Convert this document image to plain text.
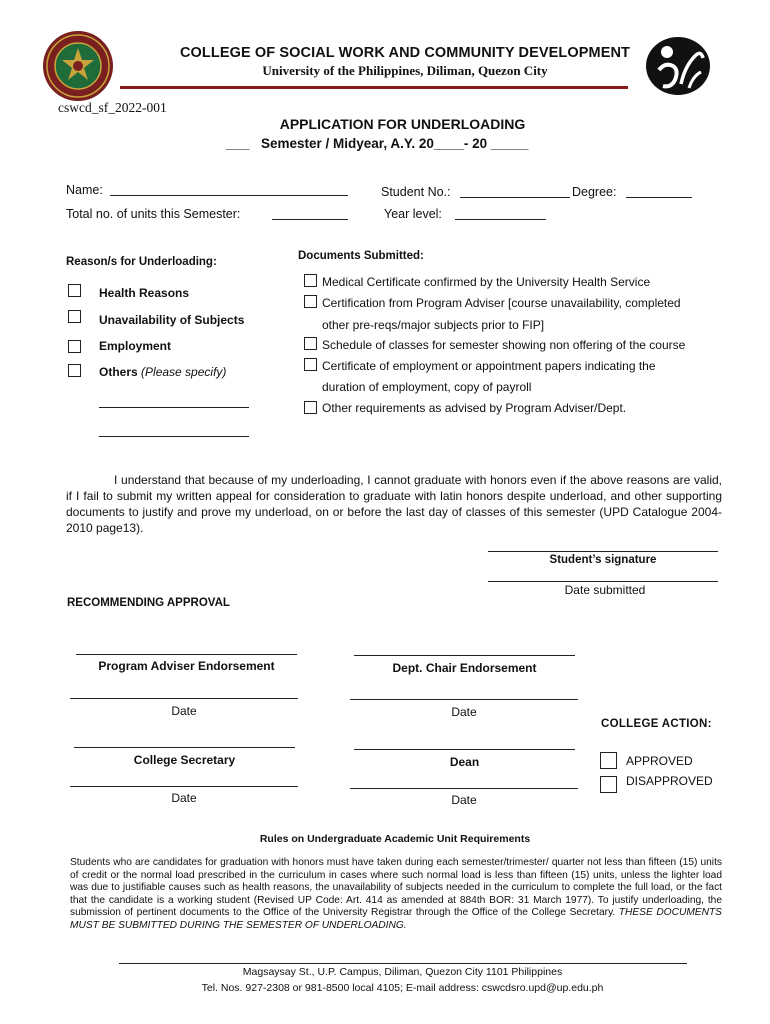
COLLEGE OF SOCIAL WORK AND COMMUNITY DEVELOPMENT
University of the Philippines, Diliman, Quezon City
cswcd_sf_2022-001
APPLICATION FOR UNDERLOADING
___ Semester / Midyear, A.Y. 20____- 20 _____
Name:	Student No.:	Degree:
Total no. of units this Semester:	Year level:
Reason/s for Underloading:
Health Reasons
Unavailability of Subjects
Employment
Others (Please specify)
Documents Submitted:
Medical Certificate confirmed by the University Health Service
Certification from Program Adviser [course unavailability, completed
other pre-reqs/major subjects prior to FIP]
Schedule of classes for semester showing non offering of the course
Certificate of employment or appointment papers indicating the
duration of employment, copy of payroll
Other requirements as advised by Program Adviser/Dept.
I understand that because of my underloading, I cannot graduate with honors even if the above reasons are valid, if I fail to submit my written appeal for consideration to graduate with latin honors despite underload, and other supporting documents to justify and prove my underload, on or before the last day of classes of this semester (UPD Catalogue 2004-2010 page13).
Student’s signature
Date submitted
RECOMMENDING APPROVAL
Program Adviser Endorsement	Dept. Chair Endorsement
Date	Date
College Secretary	Dean
Date	Date
COLLEGE ACTION:
APPROVED
DISAPPROVED
Rules on Undergraduate Academic Unit Requirements
Students who are candidates for graduation with honors must have taken during each semester/trimester/ quarter not less than fifteen (15) units of credit or the normal load prescribed in the curriculum in cases where such normal load is less than fifteen (15) units, unless the lighter load was due to justifiable causes such as health reasons, the unavailability of subjects needed in the curriculum to complete the full load, or the fact that the candidate is a working student (Revised UP Code: Art. 414 as amended at 884th BOR: 31 March 1977). To justify underloading, the submission of pertinent documents to the Office of the University Registrar through the Office of the College Secretary. THESE DOCUMENTS MUST BE SUBMITTED DURING THE SEMESTER OF UNDERLOADING.
Magsaysay St., U.P. Campus, Diliman, Quezon City 1101 Philippines
Tel. Nos. 927-2308 or 981-8500 local 4105; E-mail address: cswcdsro.upd@up.edu.ph
